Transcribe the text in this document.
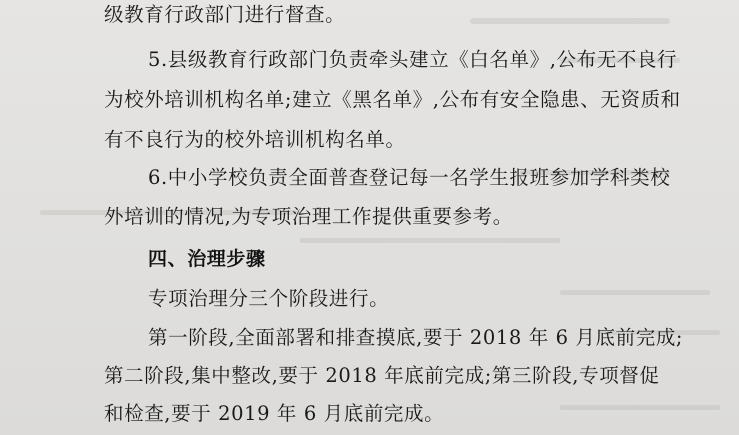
级教育行政部门进行督查。
5.县级教育行政部门负责牵头建立《白名单》,公布无不良行
为校外培训机构名单;建立《黑名单》,公布有安全隐患、无资质和
有不良行为的校外培训机构名单。
6.中小学校负责全面普查登记每一名学生报班参加学科类校
外培训的情况,为专项治理工作提供重要参考。
四、治理步骤
专项治理分三个阶段进行。
第一阶段,全面部署和排查摸底,要于 2018 年 6 月底前完成;
第二阶段,集中整改,要于 2018 年底前完成;第三阶段,专项督促
和检查,要于 2019 年 6 月底前完成。
